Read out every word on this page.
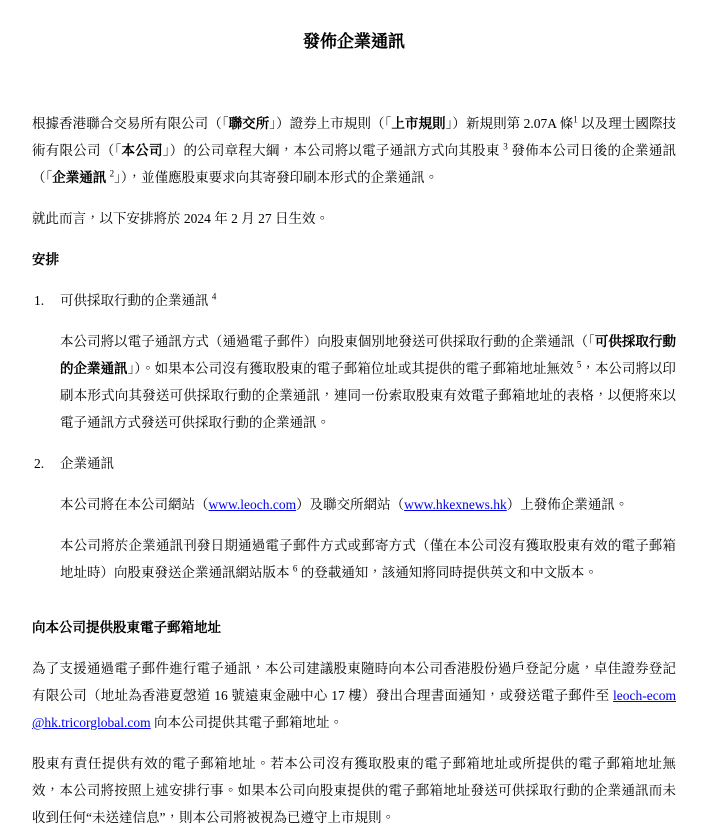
發佈企業通訊

根據香港聯合交易所有限公司（「聯交所」）證券上市規則（「上市規則」）新規則第 2.07A 條$^1$ 以及理士國際技術有限公司（「本公司」）的公司章程大綱，本公司將以電子通訊方式向其股東 $^3$ 發佈本公司日後的企業通訊（「企業通訊 $^2$」），並僅應股東要求向其寄發印刷本形式的企業通訊。

就此而言，以下安排將於 2024 年 2 月 27 日生效。

安排
1.	可供採取行動的企業通訊 $^4$

本公司將以電子通訊方式（通過電子郵件）向股東個別地發送可供採取行動的企業通訊（「可供採取行動的企業通訊」）。如果本公司沒有獲取股東的電子郵箱位址或其提供的電子郵箱地址無效 $^5$，本公司將以印刷本形式向其發送可供採取行動的企業通訊，連同一份索取股東有效電子郵箱地址的表格，以便將來以電子通訊方式發送可供採取行動的企業通訊。

2.	企業通訊

本公司將在本公司網站（www.leoch.com）及聯交所網站（www.hkexnews.hk）上發佈企業通訊。

本公司將於企業通訊刊發日期通過電子郵件方式或郵寄方式（僅在本公司沒有獲取股東有效的電子郵箱地址時）向股東發送企業通訊網站版本 $^6$ 的登載通知，該通知將同時提供英文和中文版本。

向本公司提供股東電子郵箱地址

為了支援通過電子郵件進行電子通訊，本公司建議股東隨時向本公司香港股份過戶登記分處，卓佳證券登記有限公司（地址為香港夏愨道 16 號遠東金融中心 17 樓）發出合理書面通知，或發送電子郵件至 leoch-ecom@hk.tricorglobal.com 向本公司提供其電子郵箱地址。

股東有責任提供有效的電子郵箱地址。若本公司沒有獲取股東的電子郵箱地址或所提供的電子郵箱地址無效，本公司將按照上述安排行事。如果本公司向股東提供的電子郵箱地址發送可供採取行動的企業通訊而未收到任何“未送達信息”，則本公司將被視為已遵守上市規則。
